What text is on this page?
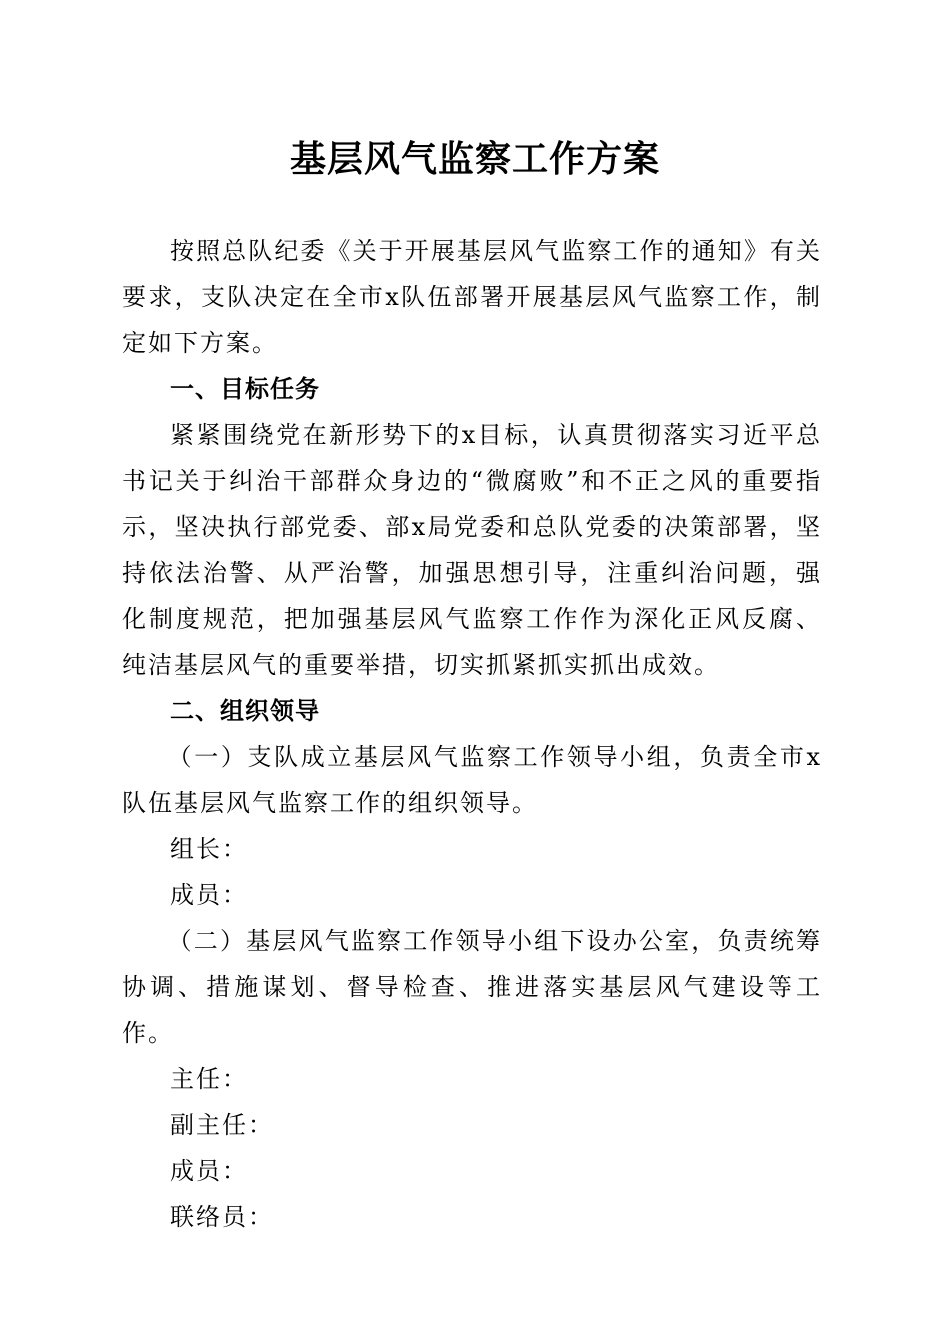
基层风气监察工作方案

按照总队纪委《关于开展基层风气监察工作的通知》有关要求，支队决定在全市x队伍部署开展基层风气监察工作，制定如下方案。

一、目标任务

紧紧围绕党在新形势下的x目标，认真贯彻落实习近平总书记关于纠治干部群众身边的“微腐败”和不正之风的重要指示，坚决执行部党委、部x局党委和总队党委的决策部署，坚持依法治警、从严治警，加强思想引导，注重纠治问题，强化制度规范，把加强基层风气监察工作作为深化正风反腐、纯洁基层风气的重要举措，切实抓紧抓实抓出成效。

二、组织领导

（一）支队成立基层风气监察工作领导小组，负责全市x队伍基层风气监察工作的组织领导。

组长：

成员：

（二）基层风气监察工作领导小组下设办公室，负责统筹协调、措施谋划、督导检查、推进落实基层风气建设等工作。

主任：

副主任：

成员：

联络员：
